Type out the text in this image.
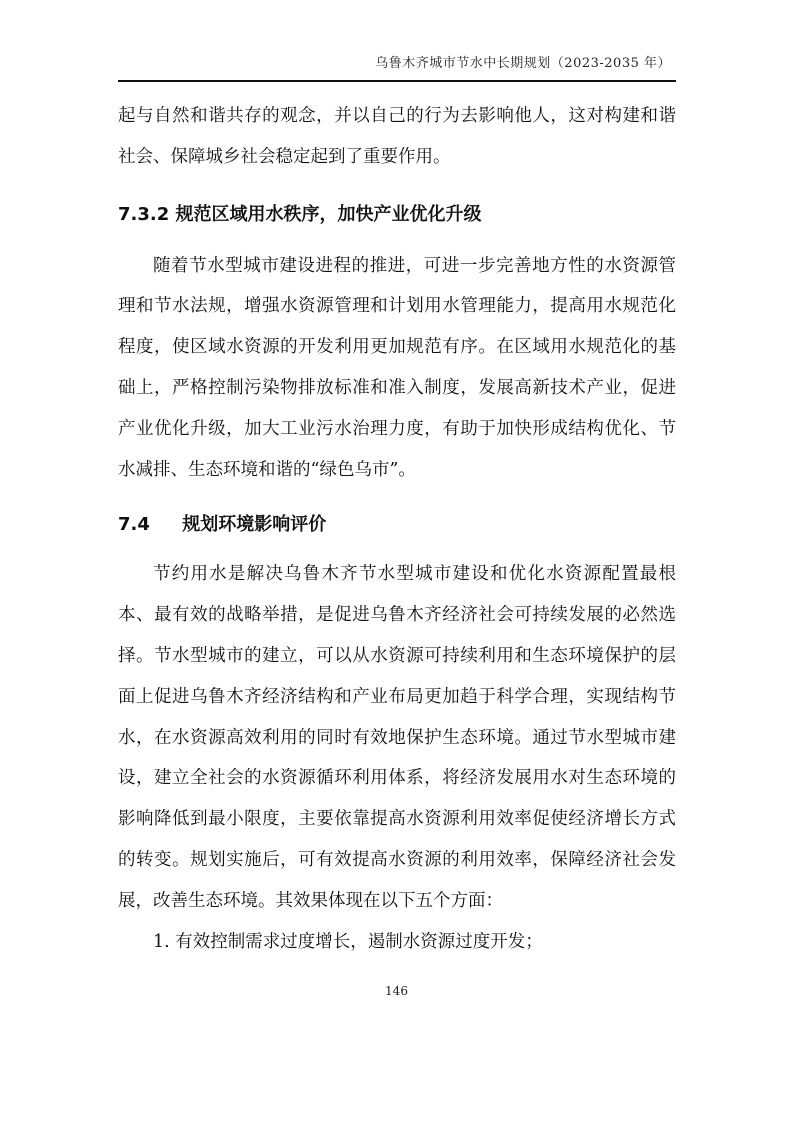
乌鲁木齐城市节水中长期规划（2023-2035 年）

起与自然和谐共存的观念，并以自己的行为去影响他人，这对构建和谐社会、保障城乡社会稳定起到了重要作用。

7.3.2 规范区域用水秩序，加快产业优化升级

随着节水型城市建设进程的推进，可进一步完善地方性的水资源管理和节水法规，增强水资源管理和计划用水管理能力，提高用水规范化程度，使区域水资源的开发利用更加规范有序。在区域用水规范化的基础上，严格控制污染物排放标准和准入制度，发展高新技术产业，促进产业优化升级，加大工业污水治理力度，有助于加快形成结构优化、节水减排、生态环境和谐的“绿色乌市”。

7.4 规划环境影响评价

节约用水是解决乌鲁木齐节水型城市建设和优化水资源配置最根本、最有效的战略举措，是促进乌鲁木齐经济社会可持续发展的必然选择。节水型城市的建立，可以从水资源可持续利用和生态环境保护的层面上促进乌鲁木齐经济结构和产业布局更加趋于科学合理，实现结构节水，在水资源高效利用的同时有效地保护生态环境。通过节水型城市建设，建立全社会的水资源循环利用体系，将经济发展用水对生态环境的影响降低到最小限度，主要依靠提高水资源利用效率促使经济增长方式的转变。规划实施后，可有效提高水资源的利用效率，保障经济社会发展，改善生态环境。其效果体现在以下五个方面：

1. 有效控制需求过度增长，遏制水资源过度开发；

146
